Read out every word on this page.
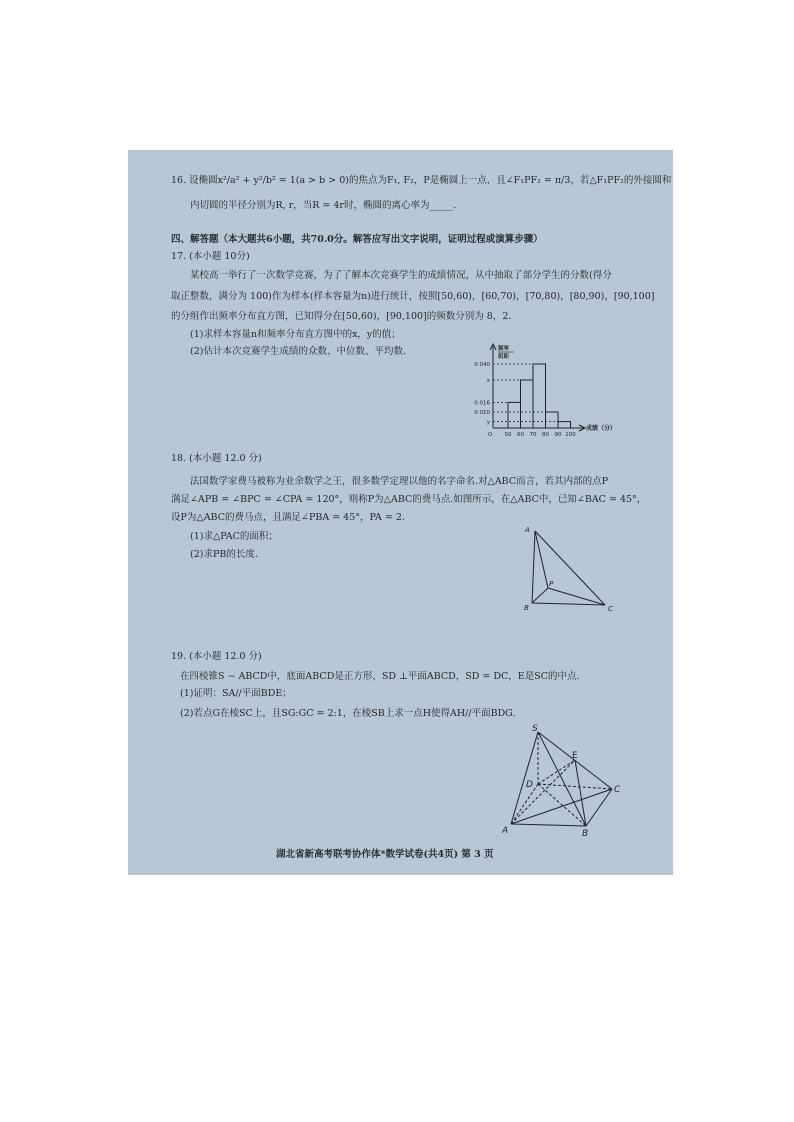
16. 设椭圆x²/a² + y²/b² = 1(a > b > 0)的焦点为F₁, F₂，P是椭圆上一点，且∠F₁PF₂ = π/3，若△F₁PF₂的外接圆和
内切圆的半径分别为R, r，当R = 4r时，椭圆的离心率为_____.
四、解答题（本大题共6小题，共70.0分。解答应写出文字说明，证明过程或演算步骤）
17. (本小题 10分)
某校高一举行了一次数学竞赛，为了了解本次竞赛学生的成绩情况，从中抽取了部分学生的分数(得分
取正整数，满分为 100)作为样本(样本容量为n)进行统计，按照[50,60)，[60,70)，[70,80)，[80,90)，[90,100]
的分组作出频率分布直方图，已知得分在[50,60)，[90,100]的频数分别为 8，2.
(1)求样本容量n和频率分布直方图中的x，y的值；
(2)估计本次竞赛学生成绩的众数、中位数、平均数.
0.040
x
0.016
0.010
y
50 60 70 80 90 100
频率
组距
成绩（分）
O
18. (本小题 12.0 分)
法国数学家费马被称为业余数学之王，很多数学定理以他的名字命名.对△ABC而言，若其内部的点P
满足∠APB = ∠BPC = ∠CPA = 120°，则称P为△ABC的费马点.如图所示，在△ABC中，已知∠BAC = 45°，
设P为△ABC的费马点，且满足∠PBA = 45°，PA = 2.
(1)求△PAC的面积；
(2)求PB的长度.
A
B	C
P
19. (本小题 12.0 分)
在四棱锥S − ABCD中，底面ABCD是正方形，SD ⊥平面ABCD，SD = DC，E是SC的中点.
(1)证明：SA//平面BDE；
(2)若点G在棱SC上，且SG:GC = 2:1，在棱SB上求一点H使得AH//平面BDG.
S
E
D	C
A	B
湖北省新高考联考协作体*数学试卷(共4页) 第 3 页
